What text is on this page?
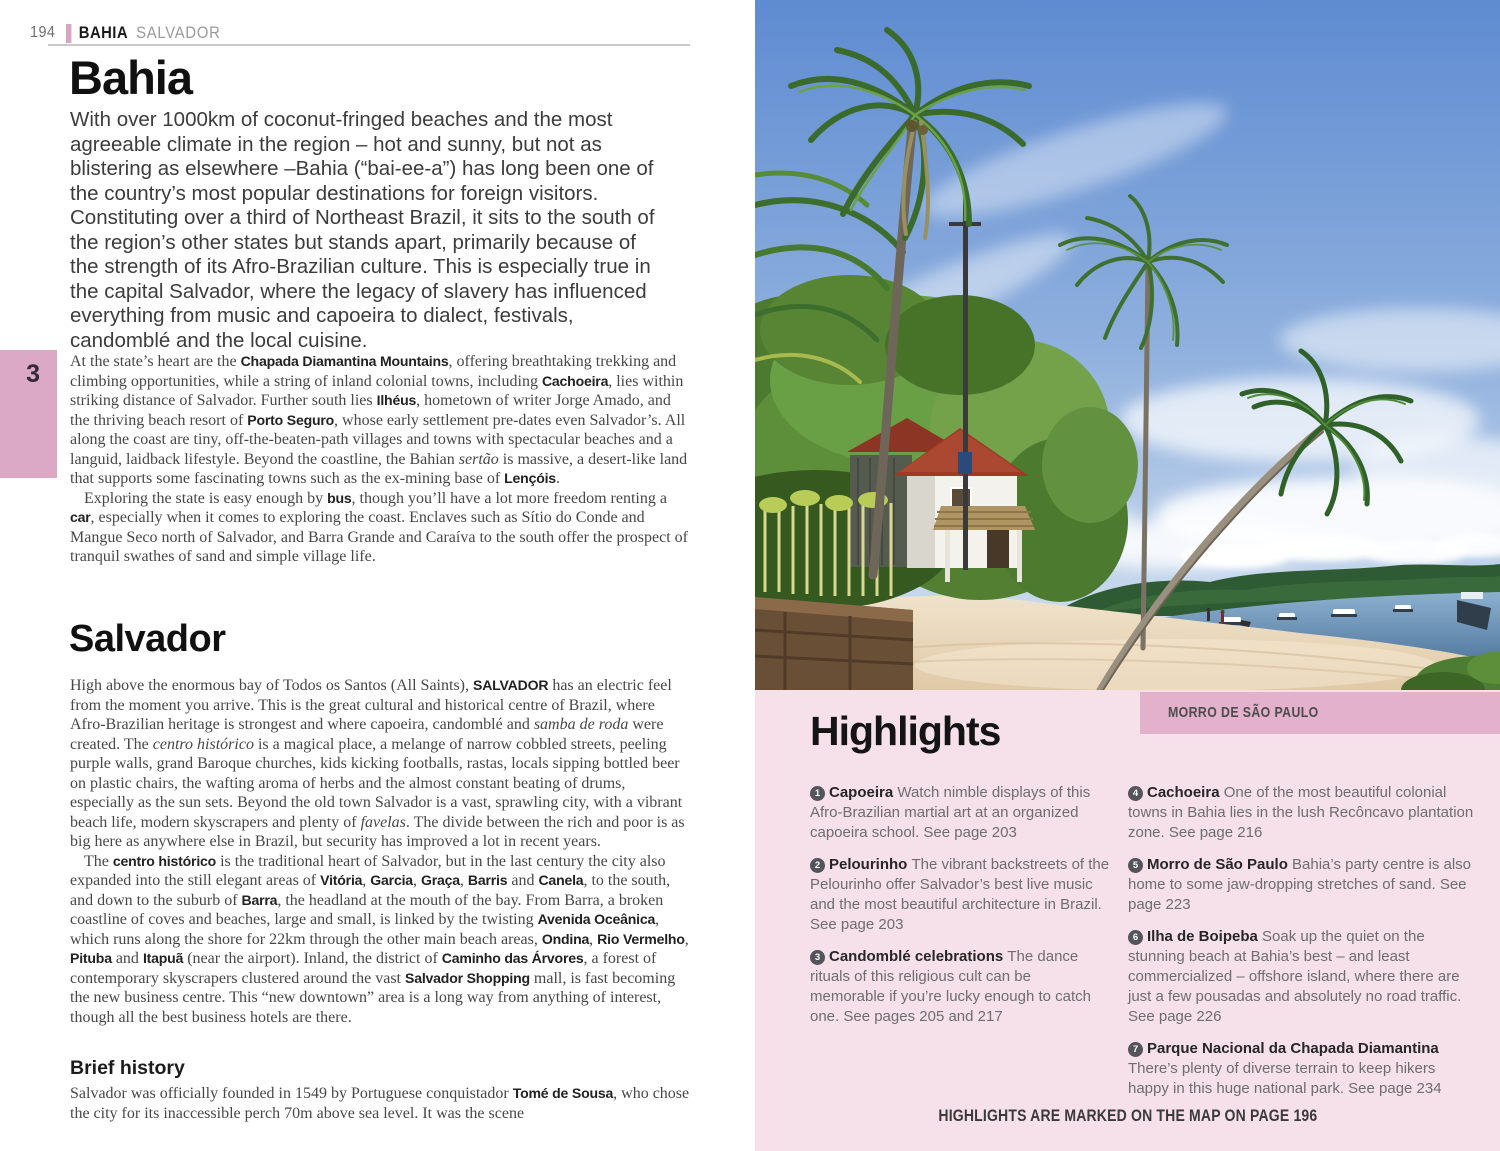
194 BAHIA SALVADOR
3
Bahia
With over 1000km of coconut-fringed beaches and the most agreeable climate in the region – hot and sunny, but not as blistering as elsewhere –Bahia (“bai-ee-a”) has long been one of the country’s most popular destinations for foreign visitors. Constituting over a third of Northeast Brazil, it sits to the south of the region’s other states but stands apart, primarily because of the strength of its Afro-Brazilian culture. This is especially true in the capital Salvador, where the legacy of slavery has influenced everything from music and capoeira to dialect, festivals, candomblé and the local cuisine.

At the state’s heart are the Chapada Diamantina Mountains, offering breathtaking trekking and climbing opportunities, while a string of inland colonial towns, including Cachoeira, lies within striking distance of Salvador. Further south lies Ilhéus, hometown of writer Jorge Amado, and the thriving beach resort of Porto Seguro, whose early settlement pre-dates even Salvador’s. All along the coast are tiny, off-the-beaten-path villages and towns with spectacular beaches and a languid, laidback lifestyle. Beyond the coastline, the Bahian sertão is massive, a desert-like land that supports some fascinating towns such as the ex-mining base of Lençóis.

Exploring the state is easy enough by bus, though you’ll have a lot more freedom renting a car, especially when it comes to exploring the coast. Enclaves such as Sítio do Conde and Mangue Seco north of Salvador, and Barra Grande and Caraíva to the south offer the prospect of tranquil swathes of sand and simple village life.

Salvador

High above the enormous bay of Todos os Santos (All Saints), SALVADOR has an electric feel from the moment you arrive. This is the great cultural and historical centre of Brazil, where Afro-Brazilian heritage is strongest and where capoeira, candomblé and samba de roda were created. The centro histórico is a magical place, a melange of narrow cobbled streets, peeling purple walls, grand Baroque churches, kids kicking footballs, rastas, locals sipping bottled beer on plastic chairs, the wafting aroma of herbs and the almost constant beating of drums, especially as the sun sets. Beyond the old town Salvador is a vast, sprawling city, with a vibrant beach life, modern skyscrapers and plenty of favelas. The divide between the rich and poor is as big here as anywhere else in Brazil, but security has improved a lot in recent years.

The centro histórico is the traditional heart of Salvador, but in the last century the city also expanded into the still elegant areas of Vitória, Garcia, Graça, Barris and Canela, to the south, and down to the suburb of Barra, the headland at the mouth of the bay. From Barra, a broken coastline of coves and beaches, large and small, is linked by the twisting Avenida Oceânica, which runs along the shore for 22km through the other main beach areas, Ondina, Rio Vermelho, Pituba and Itapuã (near the airport). Inland, the district of Caminho das Árvores, a forest of contemporary skyscrapers clustered around the vast Salvador Shopping mall, is fast becoming the new business centre. This “new downtown” area is a long way from anything of interest, though all the best business hotels are there.

Brief history

Salvador was officially founded in 1549 by Portuguese conquistador Tomé de Sousa, who chose the city for its inaccessible perch 70m above sea level. It was the scene

MORRO DE SÃO PAULO
Highlights

1 Capoeira Watch nimble displays of this Afro-Brazilian martial art at an organized capoeira school. See page 203

2 Pelourinho The vibrant backstreets of the Pelourinho offer Salvador’s best live music and the most beautiful architecture in Brazil. See page 203

3 Candomblé celebrations The dance rituals of this religious cult can be memorable if you’re lucky enough to catch one. See pages 205 and 217

4 Cachoeira One of the most beautiful colonial towns in Bahia lies in the lush Recôncavo plantation zone. See page 216

5 Morro de São Paulo Bahia’s party centre is also home to some jaw-dropping stretches of sand. See page 223

6 Ilha de Boipeba Soak up the quiet on the stunning beach at Bahia’s best – and least commercialized – offshore island, where there are just a few pousadas and absolutely no road traffic. See page 226

7 Parque Nacional da Chapada Diamantina There’s plenty of diverse terrain to keep hikers happy in this huge national park. See page 234

HIGHLIGHTS ARE MARKED ON THE MAP ON PAGE 196
